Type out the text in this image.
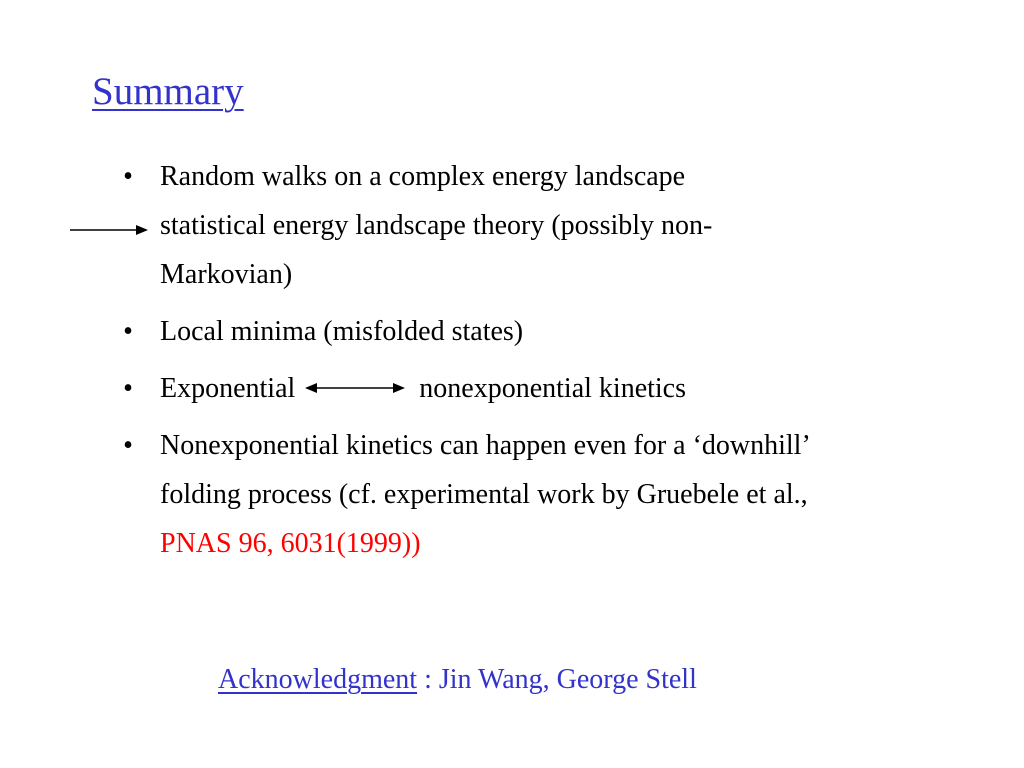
Summary
• Random walks on a complex energy landscape
statistical energy landscape theory (possibly non-
Markovian)
• Local minima (misfolded states)
• Exponential	nonexponential kinetics
• Nonexponential kinetics can happen even for a ‘downhill’
folding process (cf. experimental work by Gruebele et al.,
PNAS 96, 6031(1999))
Acknowledgment : Jin Wang, George Stell
